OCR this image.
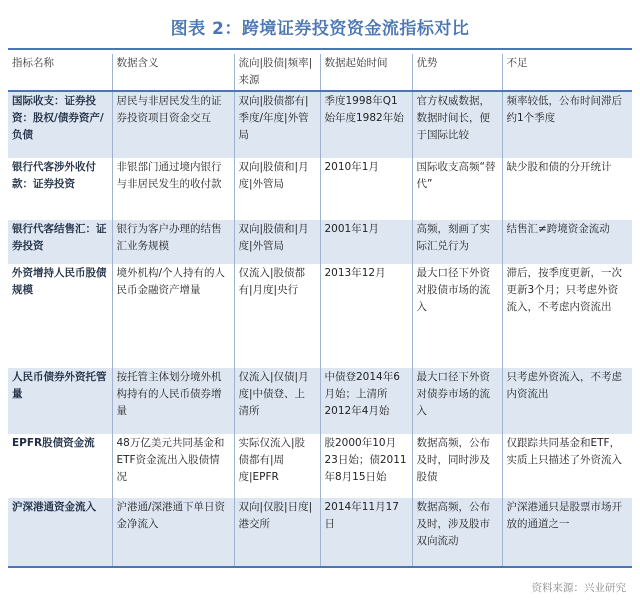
图表 2：跨境证券投资资金流指标对比
指标名称	数据含义	流向|股债|频率|来源	数据起始时间	优势	不足

国际收支：证券投资：股权/债券资产/负债	居民与非居民发生的证券投资项目资金交互	双向|股债都有|季度/年度|外管局	季度1998年Q1始年度1982年始	官方权威数据，数据时间长，便于国际比较	频率较低，公布时间滞后约1个季度
银行代客涉外收付款：证券投资	非银部门通过境内银行与非居民发生的收付款	双向|股债和|月度|外管局	2010年1月	国际收支高频“替代”	缺少股和债的分开统计
银行代客结售汇：证券投资	银行为客户办理的结售汇业务规模	双向|股债和|月度|外管局	2001年1月	高频，刻画了实际汇兑行为	结售汇≠跨境资金流动
外资增持人民币股债规模	境外机构/个人持有的人民币金融资产增量	仅流入|股债都有|月度|央行	2013年12月	最大口径下外资对股债市场的流入	滞后，按季度更新，一次更新3个月；只考虑外资流入，不考虑内资流出
人民币债券外资托管量	按托管主体划分境外机构持有的人民币债券增量	仅流入|仅债|月度|中债登、上清所	中债登2014年6月始；上清所2012年4月始	最大口径下外资对债券市场的流入	只考虑外资流入，不考虑内资流出
EPFR股债资金流	48万亿美元共同基金和ETF资金流出入股债情况	实际仅流入|股债都有|周度|EPFR	股2000年10月23日始；债2011年8月15日始	数据高频，公布及时，同时涉及股债	仅跟踪共同基金和ETF，实质上只描述了外资流入
沪深港通资金流入	沪港通/深港通下单日资金净流入	双向|仅股|日度|港交所	2014年11月17日	数据高频，公布及时，涉及股市双向流动	沪深港通只是股票市场开放的通道之一

资料来源：兴业研究
